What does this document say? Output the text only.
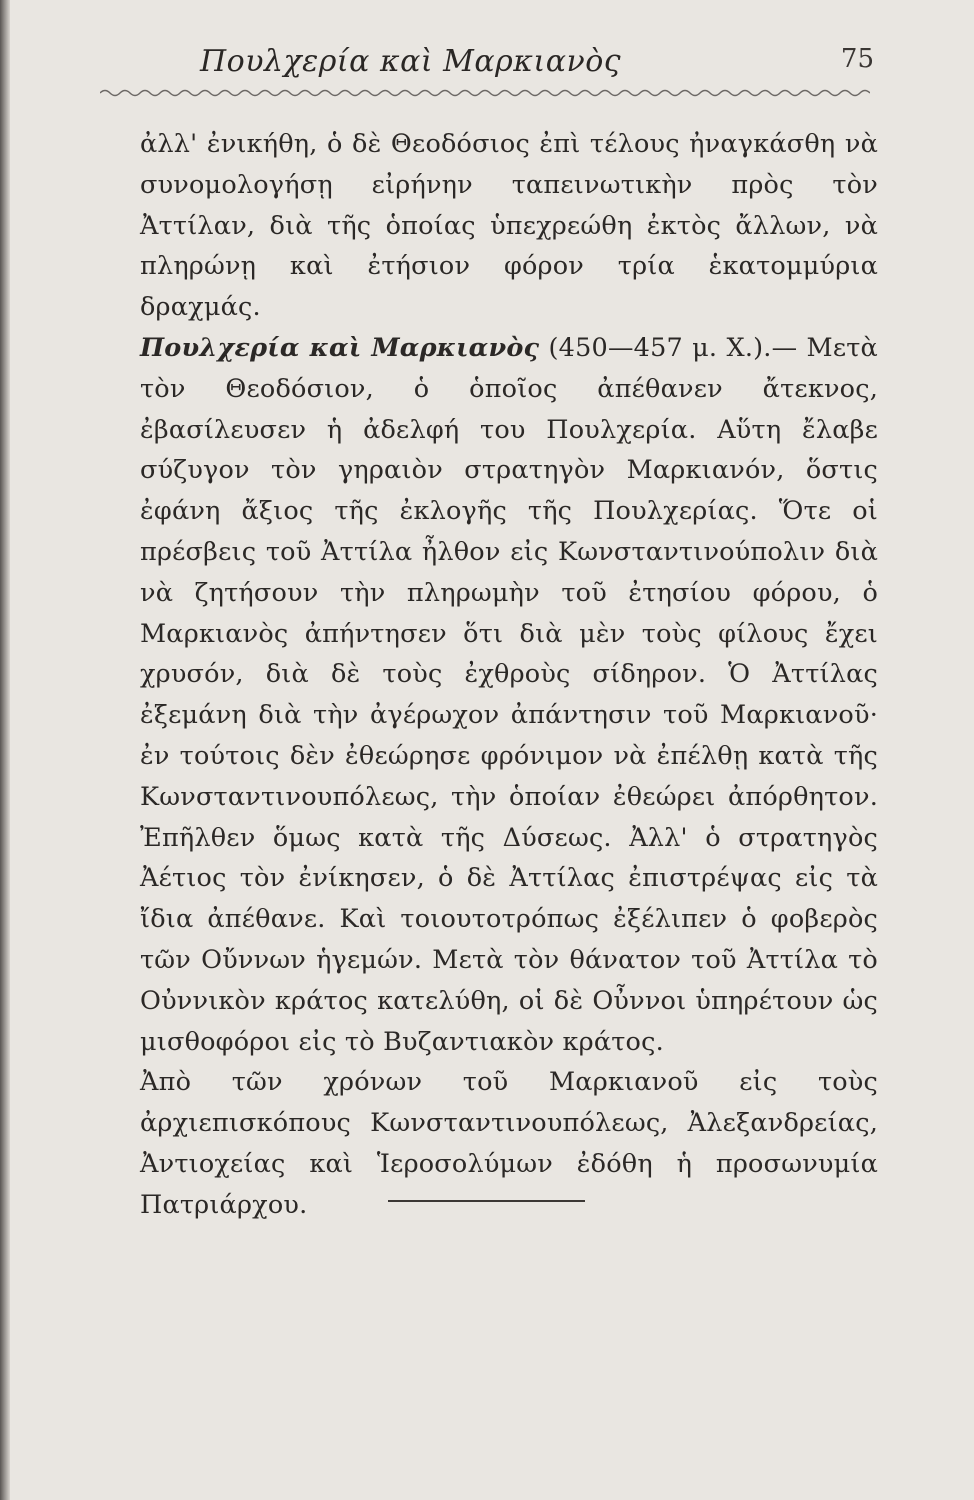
Πουλχερία καὶ Μαρκιανὸς	75

ἀλλ' ἐνικήθη, ὁ δὲ Θεοδόσιος ἐπὶ τέλους ἠναγκάσθη νὰ συνομολογήσῃ εἰρήνην ταπεινωτικὴν πρὸς τὸν Ἀττίλαν, διὰ τῆς ὁποίας ὑπεχρεώθη ἐκτὸς ἄλλων, νὰ πληρώνῃ καὶ ἐτήσιον φόρον τρία ἑκατομμύρια δραχμάς.

Πουλχερία καὶ Μαρκιανὸς (450—457 μ. Χ.).— Μετὰ τὸν Θεοδόσιον, ὁ ὁποῖος ἀπέθανεν ἄτεκνος, ἐβασίλευσεν ἡ ἀδελφή του Πουλχερία. Αὕτη ἔλαβε σύζυγον τὸν γηραιὸν στρατηγὸν Μαρκιανόν, ὅστις ἐφάνη ἄξιος τῆς ἐκλογῆς τῆς Πουλχερίας. Ὅτε οἱ πρέσβεις τοῦ Ἀττίλα ἦλθον εἰς Κωνσταντινούπολιν διὰ νὰ ζητήσουν τὴν πληρωμὴν τοῦ ἐτησίου φόρου, ὁ Μαρκιανὸς ἀπήντησεν ὅτι διὰ μὲν τοὺς φίλους ἔχει χρυσόν, διὰ δὲ τοὺς ἐχθροὺς σίδηρον. Ὁ Ἀττίλας ἐξεμάνη διὰ τὴν ἀγέρωχον ἀπάντησιν τοῦ Μαρκιανοῦ· ἐν τούτοις δὲν ἐθεώρησε φρόνιμον νὰ ἐπέλθῃ κατὰ τῆς Κωνσταντινουπόλεως, τὴν ὁποίαν ἐθεώρει ἀπόρθητον. Ἐπῆλθεν ὅμως κατὰ τῆς Δύσεως. Ἀλλ' ὁ στρατηγὸς Ἀέτιος τὸν ἐνίκησεν, ὁ δὲ Ἀττίλας ἐπιστρέψας εἰς τὰ ἴδια ἀπέθανε. Καὶ τοιουτοτρόπως ἐξέλιπεν ὁ φοβερὸς τῶν Οὔννων ἡγεμών. Μετὰ τὸν θάνατον τοῦ Ἀττίλα τὸ Οὐννικὸν κράτος κατελύθη, οἱ δὲ Οὖννοι ὑπηρέτουν ὡς μισθοφόροι εἰς τὸ Βυζαντιακὸν κράτος.

Ἀπὸ τῶν χρόνων τοῦ Μαρκιανοῦ εἰς τοὺς ἀρχιεπισκόπους Κωνσταντινουπόλεως, Ἀλεξανδρείας, Ἀντιοχείας καὶ Ἱεροσολύμων ἐδόθη ἡ προσωνυμία Πατριάρχου.
